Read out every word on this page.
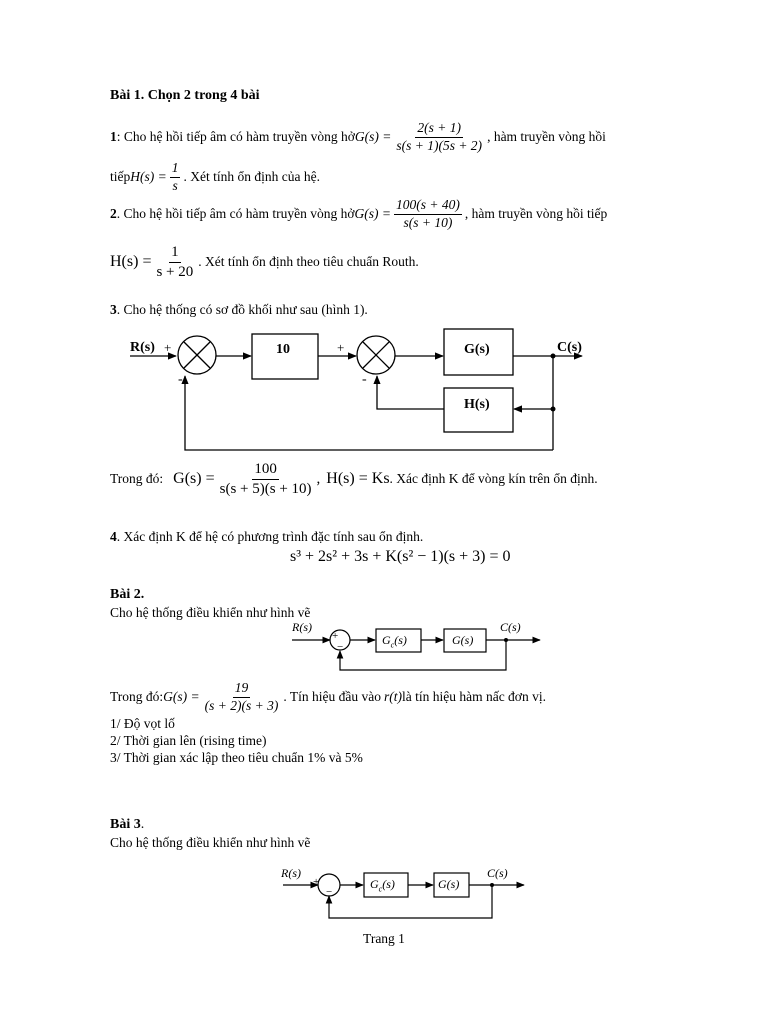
Bài 1. Chọn 2 trong 4 bài
1 : Cho hệ hồi tiếp âm có hàm truyền vòng hở $G(s) = \frac{2(s + 1)}{s(s + 1)(5s + 2)}$ , hàm truyền vòng hồi
tiếp $H(s) = \frac{1}{s}$ . Xét tính ổn định của hệ.
2 . Cho hệ hồi tiếp âm có hàm truyền vòng hở $G(s) = \frac{100(s + 40)}{s(s + 10)}$ , hàm truyền vòng hồi tiếp
$H(s) = \frac{1}{s + 20}$ . Xét tính ổn định theo tiêu chuẩn Routh.
3. Cho hệ thống có sơ đồ khối như sau (hình 1).
R(s) +
-
10	+
-
G(s)
H(s)
C(s)
Trong đó: $G(s) = \frac{100}{s(s + 5)(s + 10)}$ , H(s) = Ks . Xác định K để vòng kín trên ổn định.
4. Xác định K để hệ có phương trình đặc tính sau ổn định.
s³ + 2s² + 3s + K(s² − 1)(s + 3) = 0
Bài 2.
Cho hệ thống điều khiển như hình vẽ
R(s)
+
−	$G_c(s)$	G(s)
C(s)
Trong đó: $G(s) = \frac{19}{(s + 2)(s + 3)}$ . Tín hiệu đầu vào r(t) là tín hiệu hàm nấc đơn vị.
1/ Độ vọt lố
2/ Thời gian lên (rising time)
3/ Thời gian xác lập theo tiêu chuẩn 1% và 5%
Bài 3.
Cho hệ thống điều khiển như hình vẽ
R(s)
+
−
$G_c(s)$	G(s)
C(s)
Trang 1
